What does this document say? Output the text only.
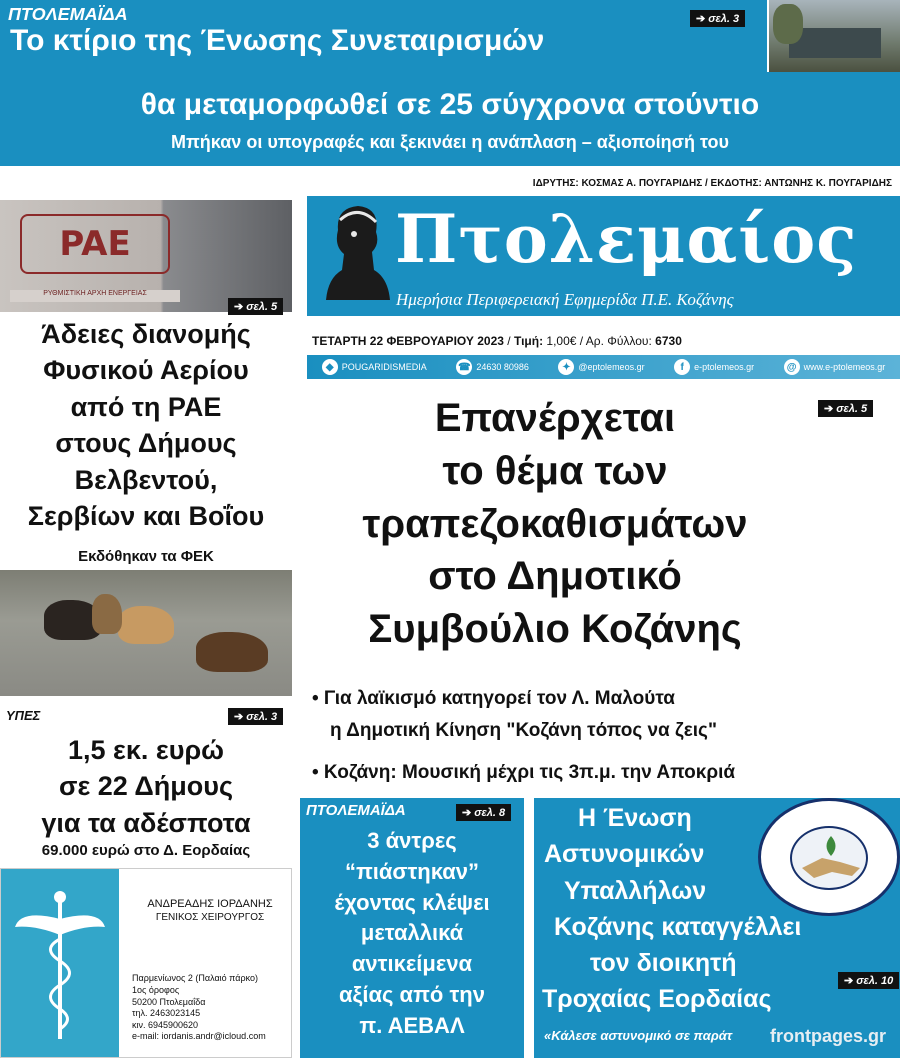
ΠΤΟΛΕΜΑΪΔΑ
Το κτίριο της Ένωσης Συνεταιρισμών
θα μεταμορφωθεί σε 25 σύγχρονα στούντιο
Μπήκαν οι υπογραφές και ξεκινάει η ανάπλαση – αξιοποίησή του
➔ σελ. 3
ΙΔΡΥΤΗΣ: ΚΟΣΜΑΣ Α. ΠΟΥΓΑΡΙΔΗΣ / ΕΚΔΟΤΗΣ: ΑΝΤΩΝΗΣ Κ. ΠΟΥΓΑΡΙΔΗΣ
Πτολεμαίος
Ημερήσια Περιφερειακή Εφημερίδα Π.Ε. Κοζάνης
ΤΕΤΑΡΤΗ 22 ΦΕΒΡΟΥΑΡΙΟΥ 2023 / Τιμή: 1,00€ / Αρ. Φύλλου: 6730
◆ POUGARIDISMEDIA	☎ 24630 80986	✦ @eptolemeos.gr	f	e-ptolemeos.gr	@ www.e-ptolemeos.gr
PAE
ΡΥΘΜΙΣΤΙΚΗ ΑΡΧΗ ΕΝΕΡΓΕΙΑΣ
➔ σελ. 5
Άδειες διανομής
Φυσικού Αερίου
από τη ΡΑΕ
στους Δήμους
Βελβεντού,
Σερβίων και Βοΐου
Εκδόθηκαν τα ΦΕΚ
ΥΠΕΣ	➔ σελ. 3
1,5 εκ. ευρώ
σε 22 Δήμους
για τα αδέσποτα
69.000 ευρώ στο Δ. Εορδαίας
ΑΝΔΡΕΑΔΗΣ ΙΟΡΔΑΝΗΣ
ΓΕΝΙΚΟΣ ΧΕΙΡΟΥΡΓΟΣ
Παρμενίωνος 2 (Παλαιό πάρκο)
1ος όροφος
50200 Πτολεμαΐδα
τηλ. 2463023145
κιν. 6945900620
e-mail: iordanis.andr@icloud.com
➔ σελ. 5
Επανέρχεται
το θέμα των
τραπεζοκαθισμάτων
στο Δημοτικό
Συμβούλιο Κοζάνης
• Για λαϊκισμό κατηγορεί τον Λ. Μαλούτα
η Δημοτική Κίνηση "Κοζάνη τόπος να ζεις"
• Κοζάνη: Μουσική μέχρι τις 3π.μ. την Αποκριά
ΠΤΟΛΕΜΑΪΔΑ	➔ σελ. 8
3 άντρες
“πιάστηκαν”
έχοντας κλέψει
μεταλλικά
αντικείμενα
αξίας από την
π. ΑΕΒΑΛ
Η Ένωση
Αστυνομικών
Υπαλλήλων
Κοζάνης καταγγέλλει
τον διοικητή
Τροχαίας Εορδαίας
➔ σελ. 10
«Κάλεσε αστυνομικό σε παράτ frontpages.gr
